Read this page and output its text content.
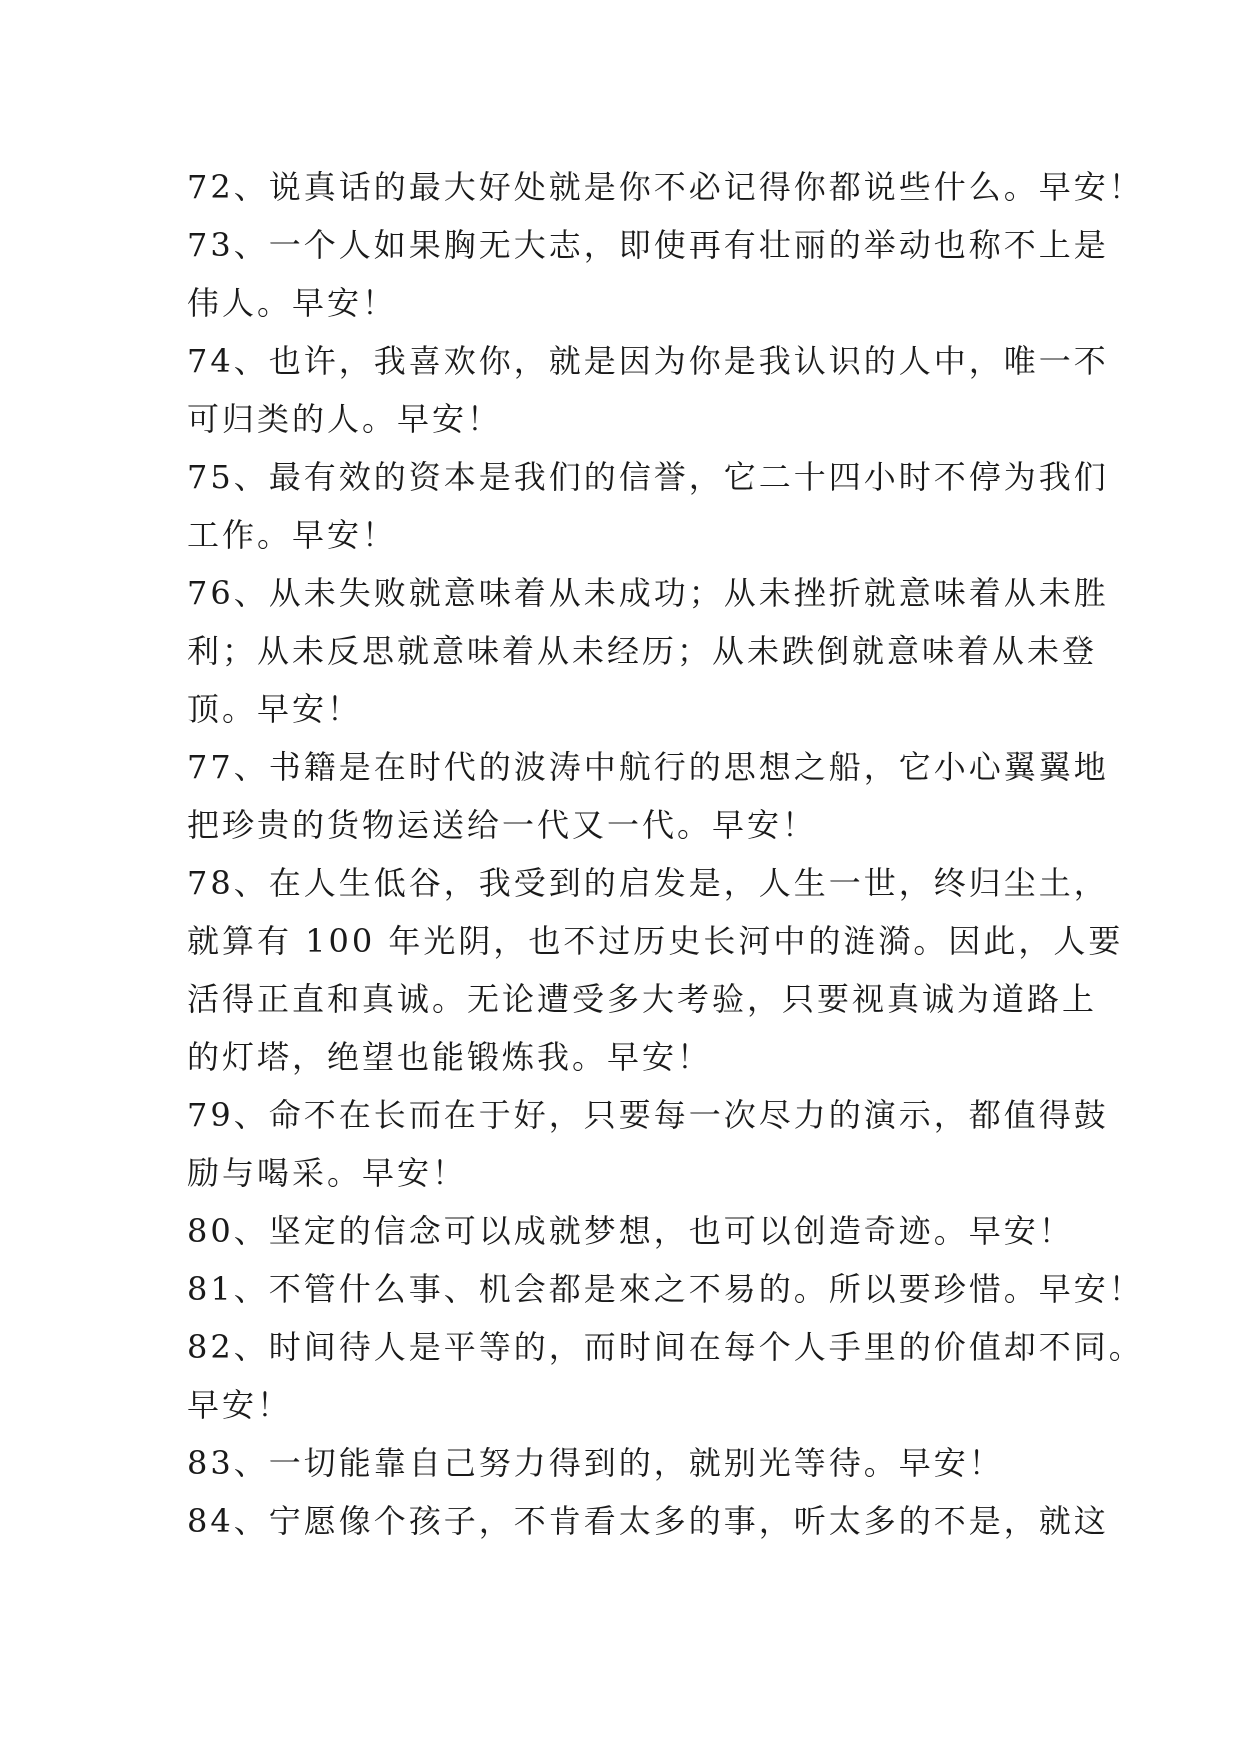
72、说真话的最大好处就是你不必记得你都说些什么。早安！
73、一个人如果胸无大志，即使再有壮丽的举动也称不上是
伟人。早安！
74、也许，我喜欢你，就是因为你是我认识的人中，唯一不
可归类的人。早安！
75、最有效的资本是我们的信誉，它二十四小时不停为我们
工作。早安！
76、从未失败就意味着从未成功；从未挫折就意味着从未胜
利；从未反思就意味着从未经历；从未跌倒就意味着从未登
顶。早安！
77、书籍是在时代的波涛中航行的思想之船，它小心翼翼地
把珍贵的货物运送给一代又一代。早安！
78、在人生低谷，我受到的启发是，人生一世，终归尘土，
就算有 100 年光阴，也不过历史长河中的涟漪。因此，人要
活得正直和真诚。无论遭受多大考验，只要视真诚为道路上
的灯塔，绝望也能锻炼我。早安！
79、命不在长而在于好，只要每一次尽力的演示，都值得鼓
励与喝采。早安！
80、坚定的信念可以成就梦想，也可以创造奇迹。早安！
81、不管什么事、机会都是來之不易的。所以要珍惜。早安！
82、时间待人是平等的，而时间在每个人手里的价值却不同。
早安！
83、一切能靠自己努力得到的，就别光等待。早安！
84、宁愿像个孩子，不肯看太多的事，听太多的不是，就这
